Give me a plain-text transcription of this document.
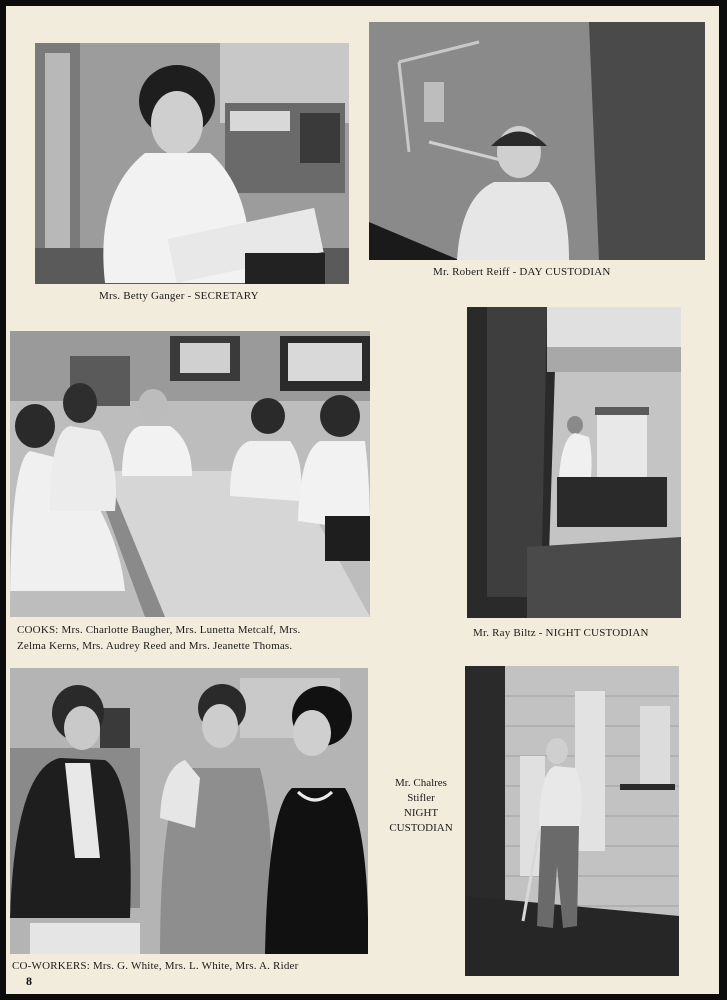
Mrs. Betty Ganger - SECRETARY
Mr. Robert Reiff - DAY CUSTODIAN
COOKS: Mrs. Charlotte Baugher, Mrs. Lunetta Metcalf, Mrs.
Zelma Kerns, Mrs. Audrey Reed and Mrs. Jeanette Thomas.
Mr. Ray Biltz - NIGHT CUSTODIAN
CO-WORKERS: Mrs. G. White, Mrs. L. White, Mrs. A. Rider
Mr. Chalres
Stifler
NIGHT
CUSTODIAN
8
